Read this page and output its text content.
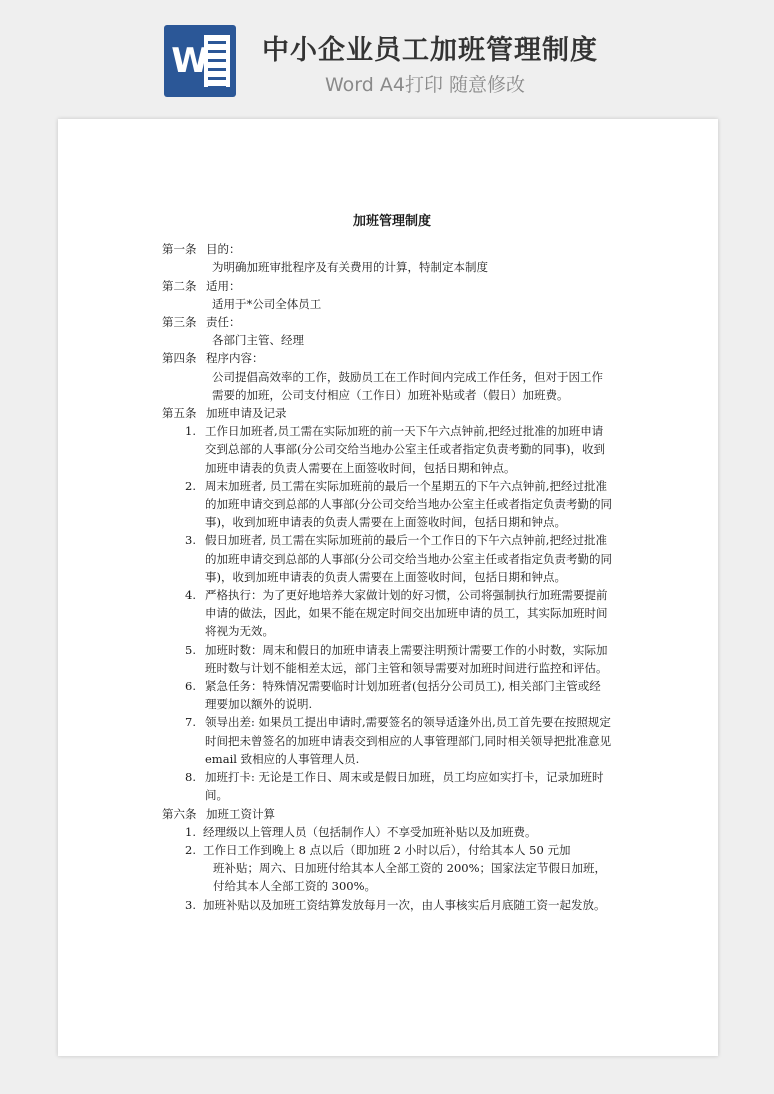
W 中小企业员工加班管理制度
Word A4打印 随意修改
加班管理制度
第一条 目的：
为明确加班审批程序及有关费用的计算，特制定本制度
第二条 适用：
适用于*公司全体员工
第三条 责任：
各部门主管、经理
第四条 程序内容：
公司提倡高效率的工作，鼓励员工在工作时间内完成工作任务，但对于因工作需要的加班，公司支付相应（工作日）加班补贴或者（假日）加班费。
第五条 加班申请及记录
1. 工作日加班者,员工需在实际加班的前一天下午六点钟前,把经过批准的加班申请交到总部的人事部(分公司交给当地办公室主任或者指定负责考勤的同事)，收到加班申请表的负责人需要在上面签收时间，包括日期和钟点。
2. 周末加班者, 员工需在实际加班前的最后一个星期五的下午六点钟前,把经过批准的加班申请交到总部的人事部(分公司交给当地办公室主任或者指定负责考勤的同事)，收到加班申请表的负责人需要在上面签收时间，包括日期和钟点。
3. 假日加班者, 员工需在实际加班前的最后一个工作日的下午六点钟前,把经过批准的加班申请交到总部的人事部(分公司交给当地办公室主任或者指定负责考勤的同事)，收到加班申请表的负责人需要在上面签收时间，包括日期和钟点。
4. 严格执行：为了更好地培养大家做计划的好习惯，公司将强制执行加班需要提前申请的做法，因此，如果不能在规定时间交出加班申请的员工，其实际加班时间将视为无效。
5. 加班时数：周末和假日的加班申请表上需要注明预计需要工作的小时数，实际加班时数与计划不能相差太远，部门主管和领导需要对加班时间进行监控和评估。
6. 紧急任务：特殊情况需要临时计划加班者(包括分公司员工), 相关部门主管或经理要加以额外的说明.
7. 领导出差: 如果员工提出申请时,需要签名的领导适逢外出,员工首先要在按照规定时间把未曾签名的加班申请表交到相应的人事管理部门,同时相关领导把批准意见 email 致相应的人事管理人员.
8. 加班打卡: 无论是工作日、周末或是假日加班，员工均应如实打卡，记录加班时间。
第六条 加班工资计算
1. 经理级以上管理人员（包括制作人）不享受加班补贴以及加班费。
2. 工作日工作到晚上 8 点以后（即加班 2 小时以后），付给其本人 50 元加
班补贴；周六、日加班付给其本人全部工资的 200%；国家法定节假日加班，付给其本人全部工资的 300%。
3. 加班补贴以及加班工资结算发放每月一次，由人事核实后月底随工资一起发放。
